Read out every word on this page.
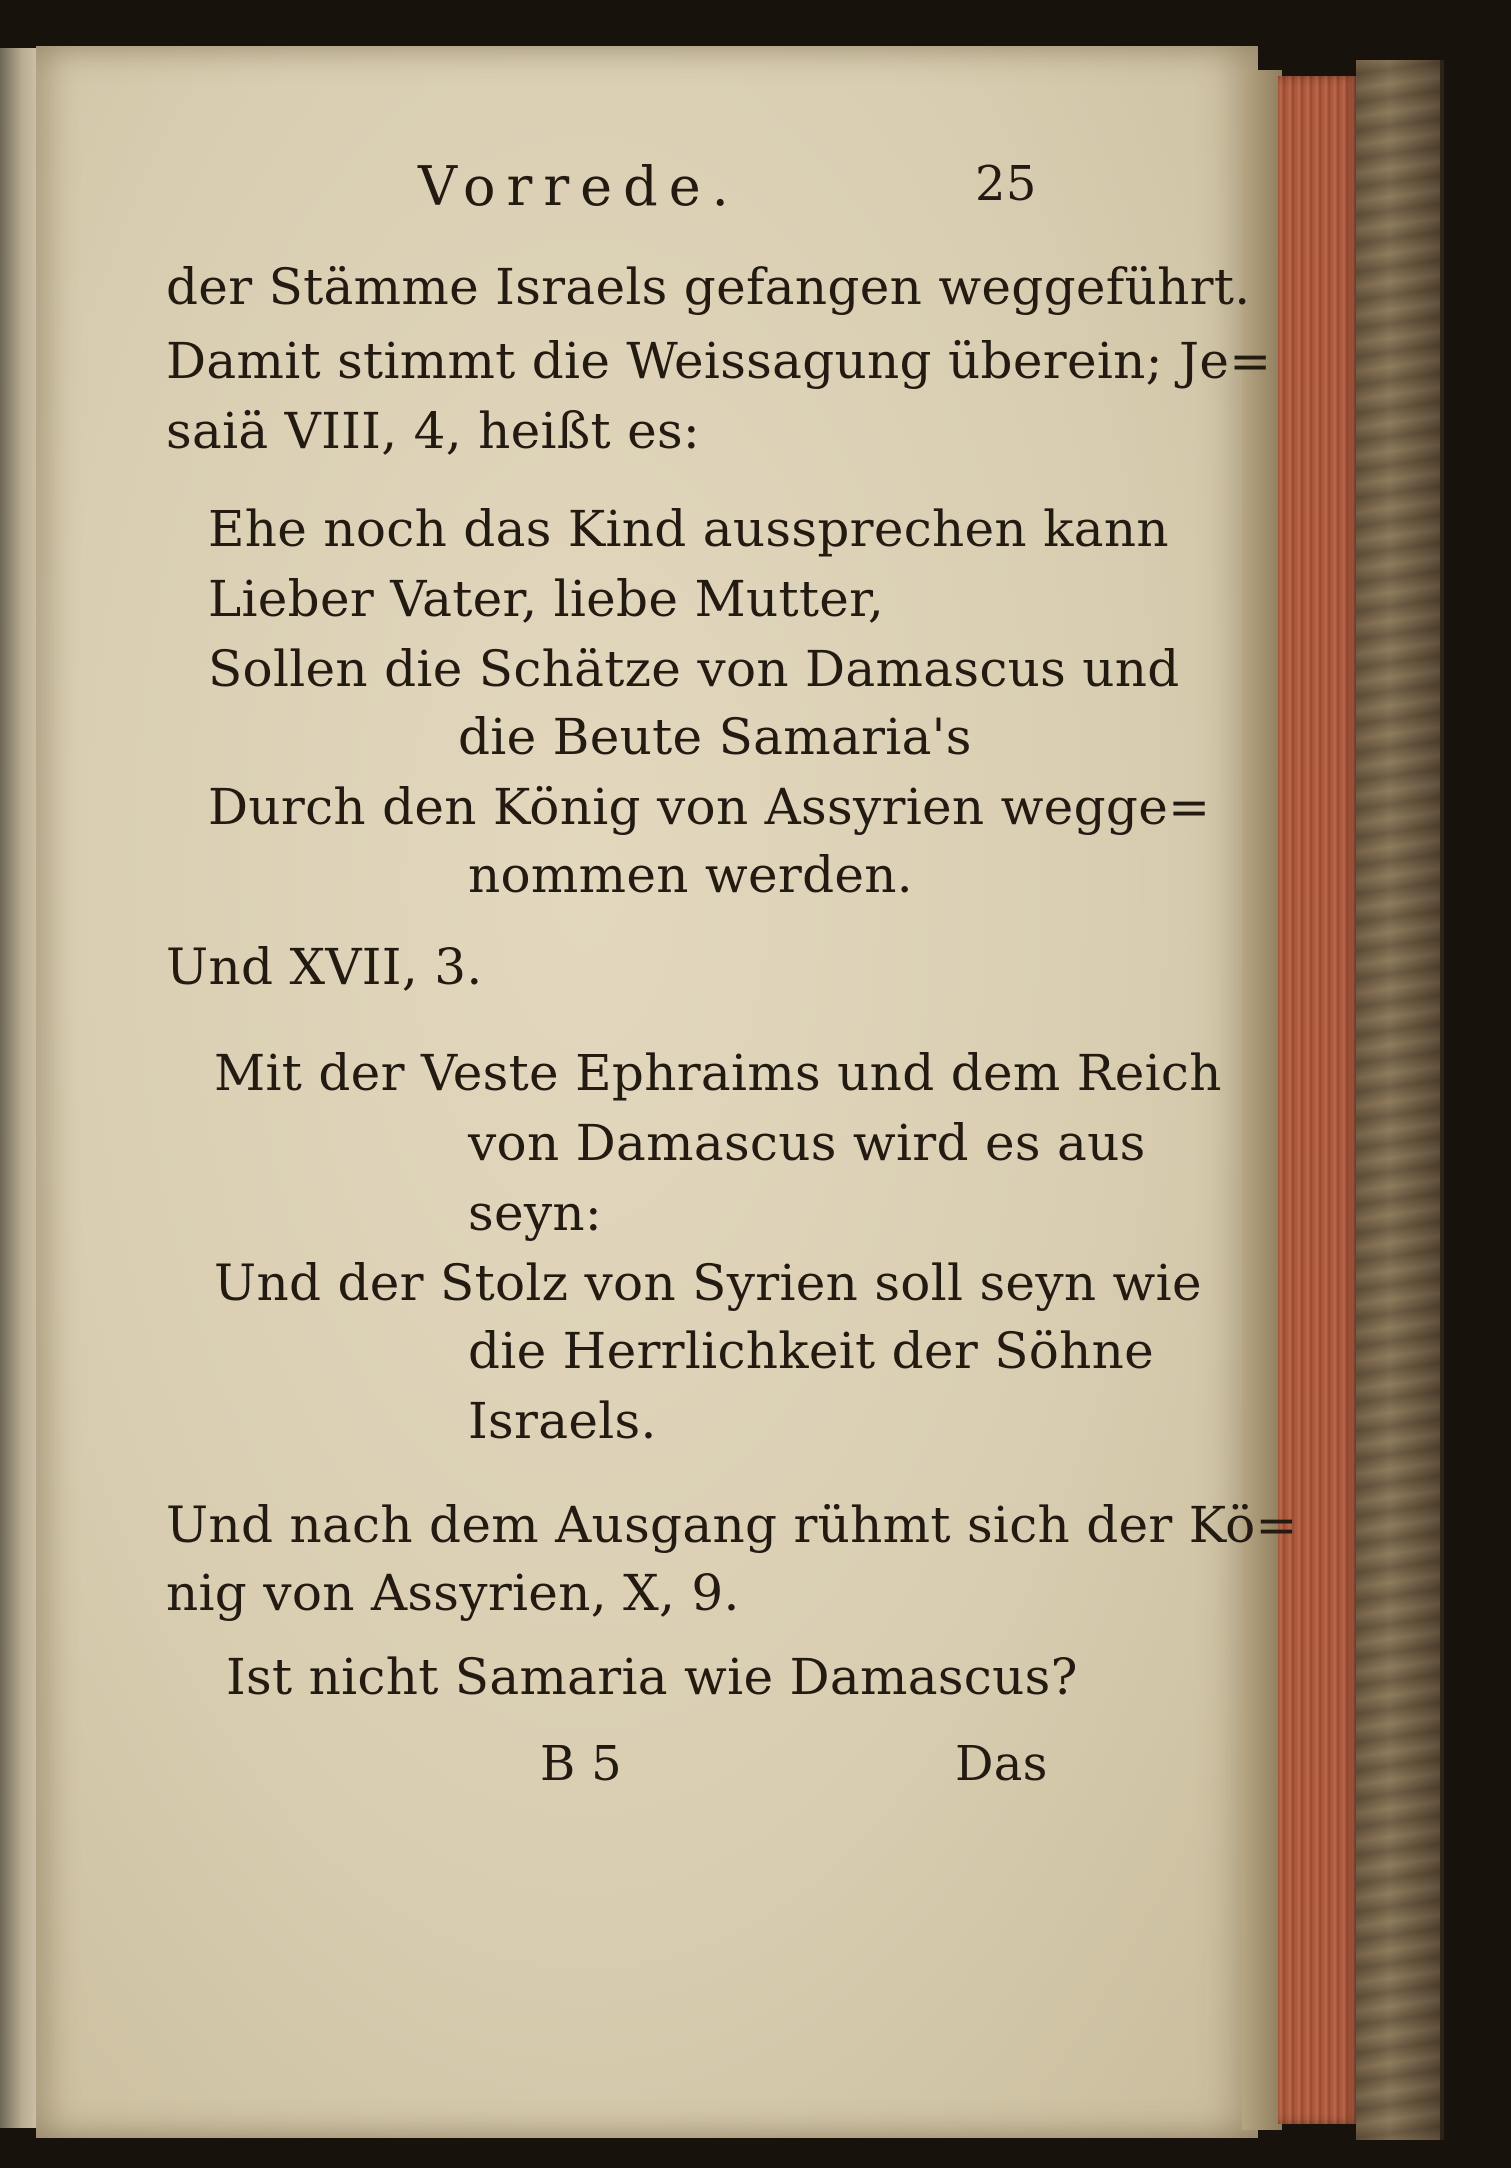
Vorrede.	25
der Stämme Israels gefangen weggeführt.
Damit stimmt die Weissagung überein; Je=
saiä VIII, 4, heißt es:
Ehe noch das Kind aussprechen kann
Lieber Vater, liebe Mutter,
Sollen die Schätze von Damascus und
die Beute Samaria's
Durch den König von Assyrien wegge=
nommen werden.
Und XVII, 3.
Mit der Veste Ephraims und dem Reich
von Damascus wird es aus
seyn:
Und der Stolz von Syrien soll seyn wie
die Herrlichkeit der Söhne
Israels.
Und nach dem Ausgang rühmt sich der Kö=
nig von Assyrien, X, 9.
Ist nicht Samaria wie Damascus?
B 5	Das
